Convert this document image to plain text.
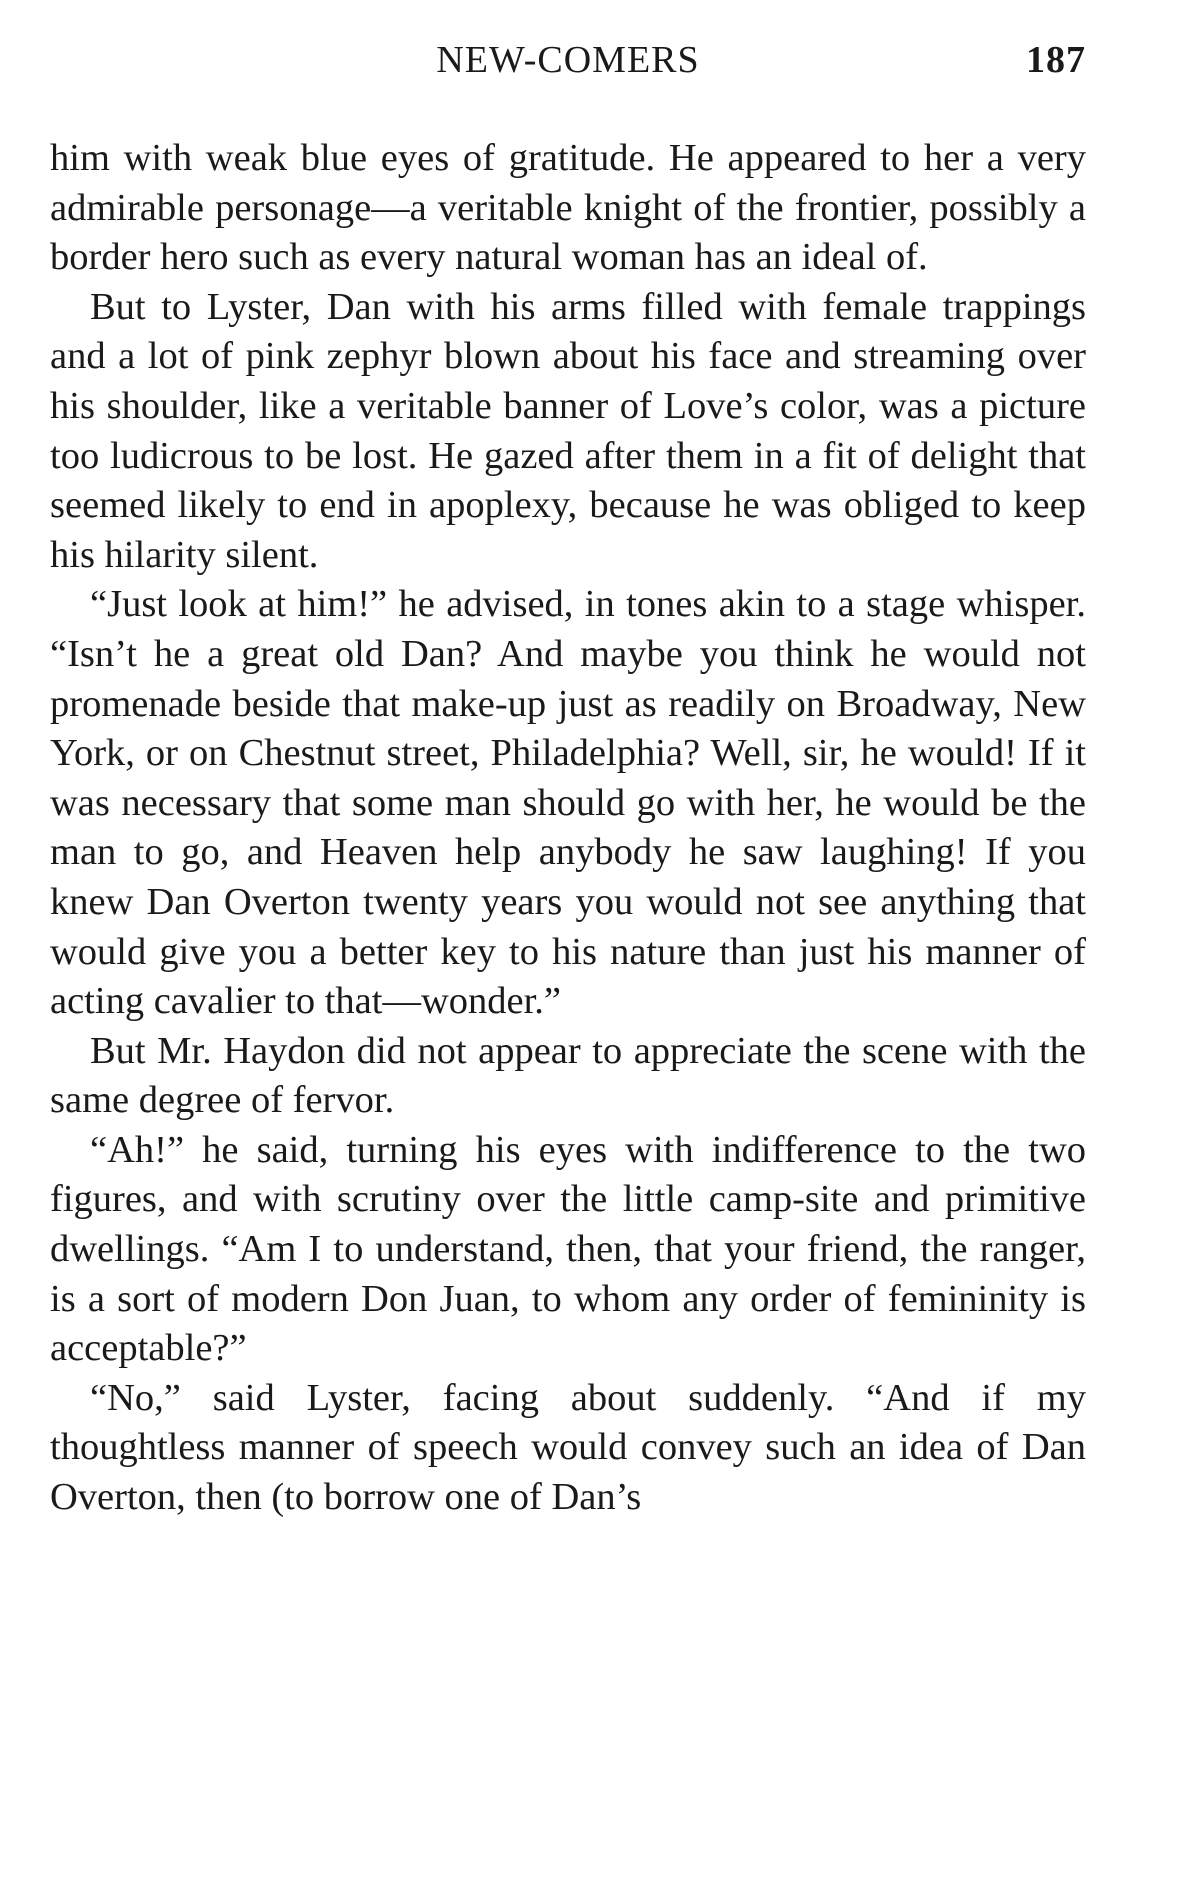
NEW-COMERS	187

him with weak blue eyes of gratitude. He appeared to her a very admirable personage—a veritable knight of the frontier, possibly a border hero such as every natural woman has an ideal of.

But to Lyster, Dan with his arms filled with female trappings and a lot of pink zephyr blown about his face and streaming over his shoulder, like a veritable banner of Love’s color, was a picture too ludicrous to be lost. He gazed after them in a fit of delight that seemed likely to end in apoplexy, because he was obliged to keep his hilarity silent.

“Just look at him!” he advised, in tones akin to a stage whisper. “Isn’t he a great old Dan? And maybe you think he would not promenade beside that make-up just as readily on Broadway, New York, or on Chestnut street, Philadelphia? Well, sir, he would! If it was necessary that some man should go with her, he would be the man to go, and Heaven help anybody he saw laughing! If you knew Dan Overton twenty years you would not see anything that would give you a better key to his nature than just his manner of acting cavalier to that—wonder.”

But Mr. Haydon did not appear to appreciate the scene with the same degree of fervor.

“Ah!” he said, turning his eyes with indifference to the two figures, and with scrutiny over the little camp-site and primitive dwellings. “Am I to understand, then, that your friend, the ranger, is a sort of modern Don Juan, to whom any order of femininity is acceptable?”

“No,” said Lyster, facing about suddenly. “And if my thoughtless manner of speech would convey such an idea of Dan Overton, then (to borrow one of Dan’s
